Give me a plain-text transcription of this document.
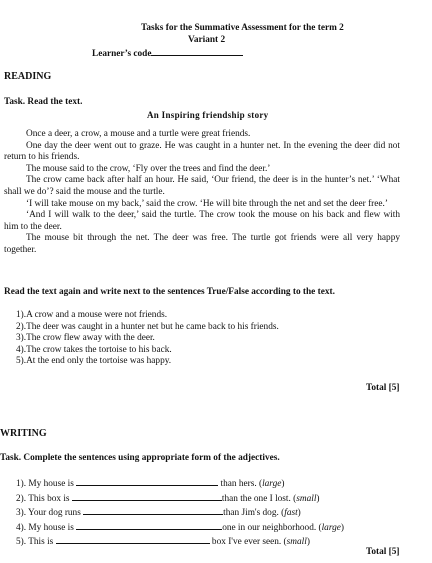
Tasks for the Summative Assessment for the term 2
Variant 2
Learner’s code
READING
Task. Read the text.
An Inspiring friendship story

Once a deer, a crow, a mouse and a turtle were great friends.

One day the deer went out to graze. He was caught in a hunter net. In the evening the deer did not return to his friends.

The mouse said to the crow, ‘Fly over the trees and find the deer.’

The crow came back after half an hour. He said, ‘Our friend, the deer is in the hunter’s net.’ ‘What shall we do’? said the mouse and the turtle.

‘I will take mouse on my back,’ said the crow. ‘He will bite through the net and set the deer free.’

‘And I will walk to the deer,’ said the turtle. The crow took the mouse on his back and flew with him to the deer.

The mouse bit through the net. The deer was free. The turtle got friends were all very happy together.

Read the text again and write next to the sentences True/False according to the text.
1).A crow and a mouse were not friends.
2).The deer was caught in a hunter net but he came back to his friends.
3).The crow flew away with the deer.
4).The crow takes the tortoise to his back.
5).At the end only the tortoise was happy.
Total [5]
WRITING
Task. Complete the sentences using appropriate form of the adjectives.
1). My house is	than hers. (large)
2). This box is	than the one I lost. (small)
3). Your dog runs	than Jim's dog. (fast)
4). My house is	one in our neighborhood. (large)
5). This is	box I've ever seen. (small)
Total [5]
